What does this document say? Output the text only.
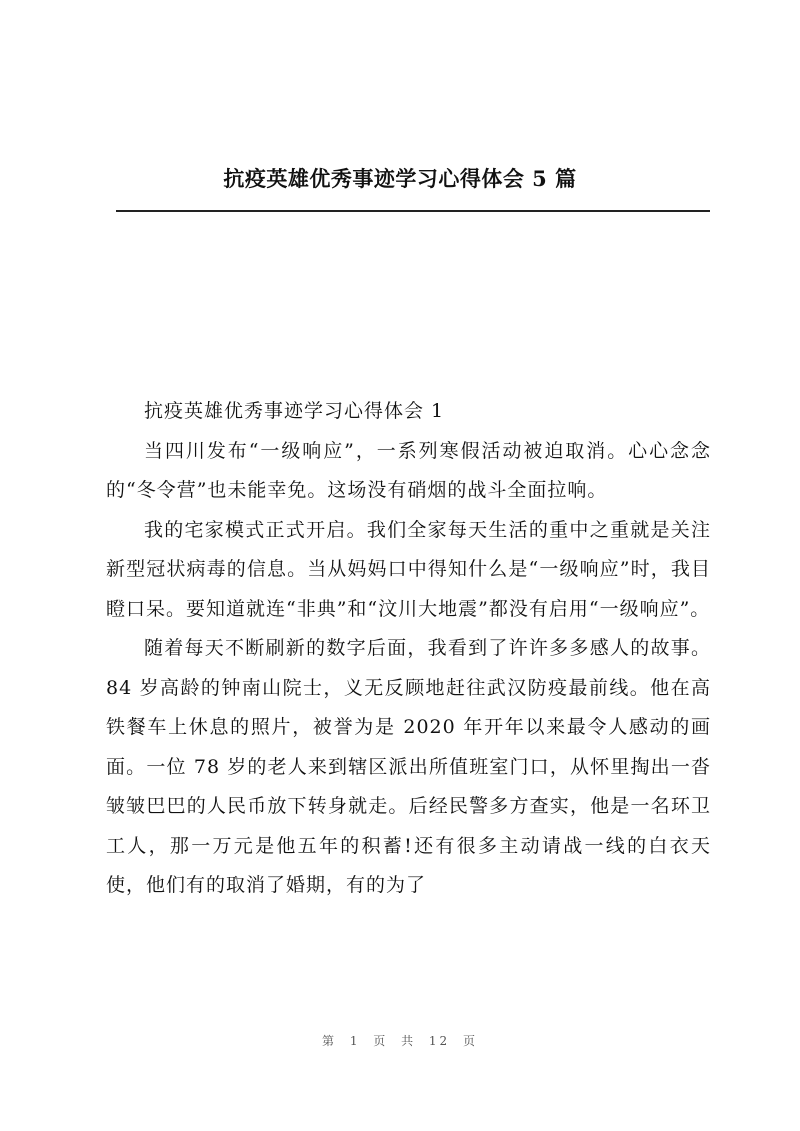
抗疫英雄优秀事迹学习心得体会 5 篇

抗疫英雄优秀事迹学习心得体会 1

当四川发布“一级响应”，一系列寒假活动被迫取消。心心念念的“冬令营”也未能幸免。这场没有硝烟的战斗全面拉响。

我的宅家模式正式开启。我们全家每天生活的重中之重就是关注新型冠状病毒的信息。当从妈妈口中得知什么是“一级响应”时，我目瞪口呆。要知道就连“非典”和“汶川大地震”都没有启用“一级响应”。

随着每天不断刷新的数字后面，我看到了许许多多感人的故事。84 岁高龄的钟南山院士，义无反顾地赶往武汉防疫最前线。他在高铁餐车上休息的照片，被誉为是 2020 年开年以来最令人感动的画面。一位 78 岁的老人来到辖区派出所值班室门口，从怀里掏出一沓皱皱巴巴的人民币放下转身就走。后经民警多方查实，他是一名环卫工人，那一万元是他五年的积蓄!还有很多主动请战一线的白衣天使，他们有的取消了婚期，有的为了

第 1 页 共 12 页
